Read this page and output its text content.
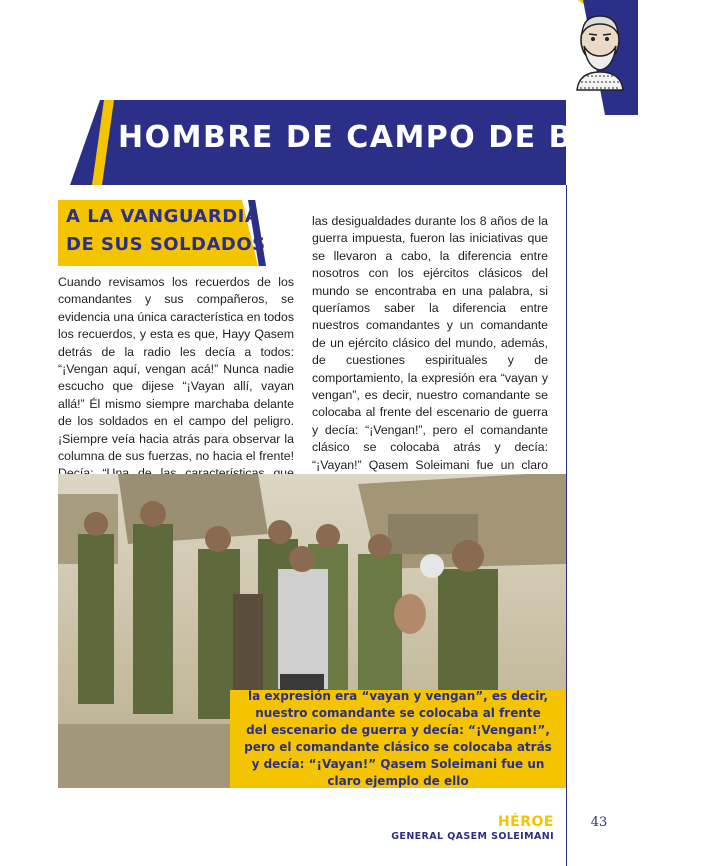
HOMBRE DE CAMPO DE BATALLA
A LA VANGUARDIA
DE SUS SOLDADOS

Cuando revisamos los recuerdos de los comandantes y sus compañeros, se evidencia una única característica en todos los recuerdos, y esta es que, Hayy Qasem detrás de la radio les decía a todos: “¡Vengan aquí, vengan acá!” Nunca nadie escucho que dijese “¡Vayan allí, vayan allá!” Él mismo siempre marchaba delante de los soldados en el campo del peligro. ¡Siempre veía hacia atrás para observar la columna de sus fuerzas, no hacia el frente!

las desigualdades durante los 8 años de la guerra impuesta, fueron las iniciativas que se llevaron a cabo, la diferencia entre nosotros con los ejércitos clásicos del mundo se encontraba en una palabra, si queríamos saber la diferencia entre nuestros comandantes y un comandante de un ejército clásico del mundo, además, de cuestiones espirituales y de comportamiento, la expresión era “vayan y vengan”, es decir, nuestro comandante se colocaba al frente del escenario de guerra y decía: “¡Vengan!”, pero el comandante clásico se colocaba atrás y decía: “¡Vayan!” Qasem Soleimani fue un claro

la expresión era “vayan y vengan”, es decir, nuestro comandante se colocaba al frente del escenario de guerra y decía: “¡Vengan!”, pero el comandante clásico se colocaba atrás y decía: “¡Vayan!” Qasem Soleimani fue un claro ejemplo de ello

HÉROE
GENERAL QASEM SOLEIMANI
43
